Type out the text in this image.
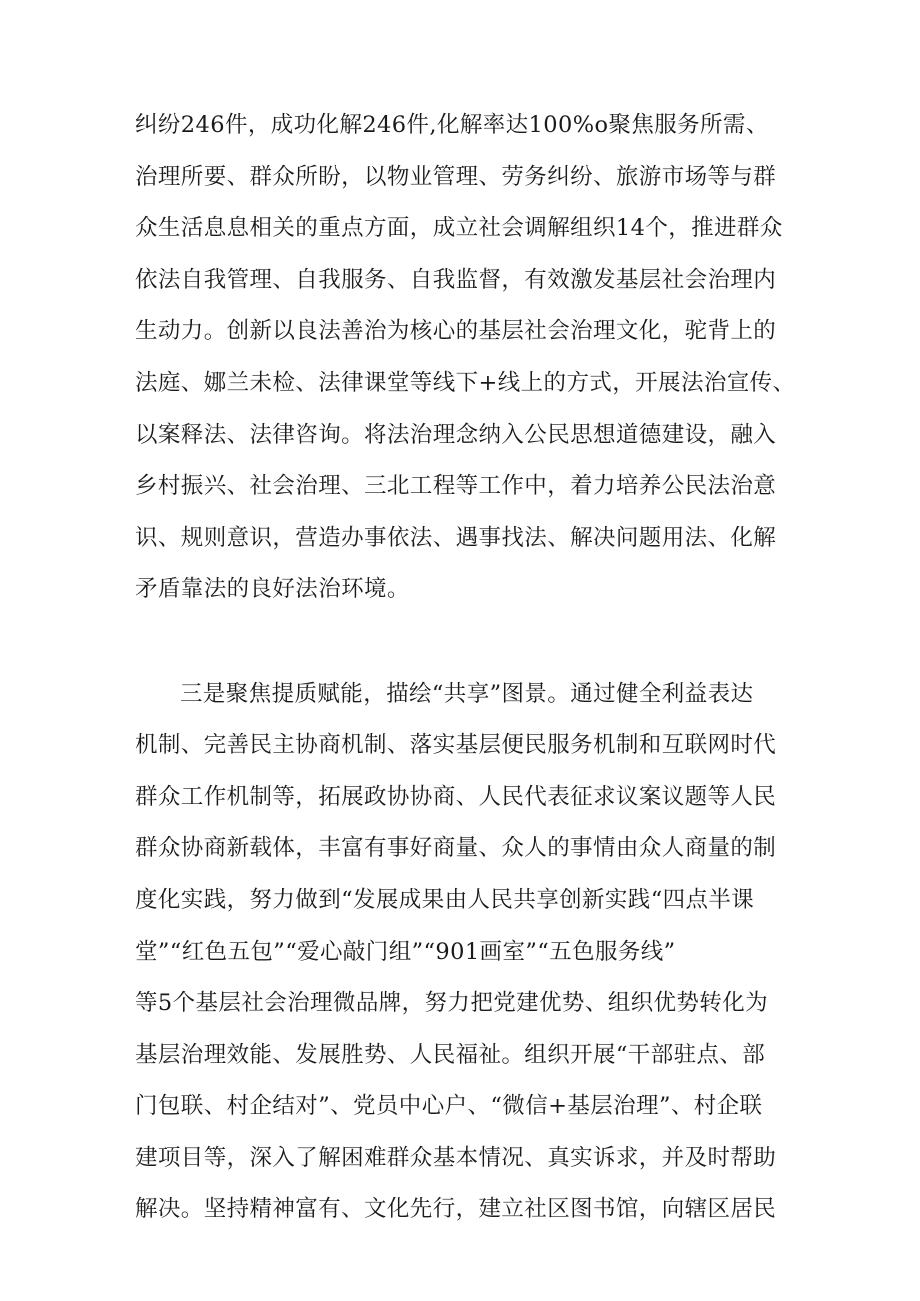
纠纷246件，成功化解246件,化解率达100%o聚焦服务所需、
治理所要、群众所盼，以物业管理、劳务纠纷、旅游市场等与群
众生活息息相关的重点方面，成立社会调解组织14个，推进群众
依法自我管理、自我服务、自我监督，有效激发基层社会治理内
生动力。创新以良法善治为核心的基层社会治理文化，驼背上的
法庭、娜兰未检、法律课堂等线下+线上的方式，开展法治宣传、
以案释法、法律咨询。将法治理念纳入公民思想道德建设，融入
乡村振兴、社会治理、三北工程等工作中，着力培养公民法治意
识、规则意识，营造办事依法、遇事找法、解决问题用法、化解
矛盾靠法的良好法治环境。
三是聚焦提质赋能，描绘“共享”图景。通过健全利益表达
机制、完善民主协商机制、落实基层便民服务机制和互联网时代
群众工作机制等，拓展政协协商、人民代表征求议案议题等人民
群众协商新载体，丰富有事好商量、众人的事情由众人商量的制
度化实践，努力做到“发展成果由人民共享创新实践“四点半课
堂”“红色五包”“爱心敲门组”“901画室”“五色服务线”
等5个基层社会治理微品牌，努力把党建优势、组织优势转化为
基层治理效能、发展胜势、人民福祉。组织开展“干部驻点、部
门包联、村企结对”、党员中心户、“微信+基层治理”、村企联
建项目等，深入了解困难群众基本情况、真实诉求，并及时帮助
解决。坚持精神富有、文化先行，建立社区图书馆，向辖区居民
